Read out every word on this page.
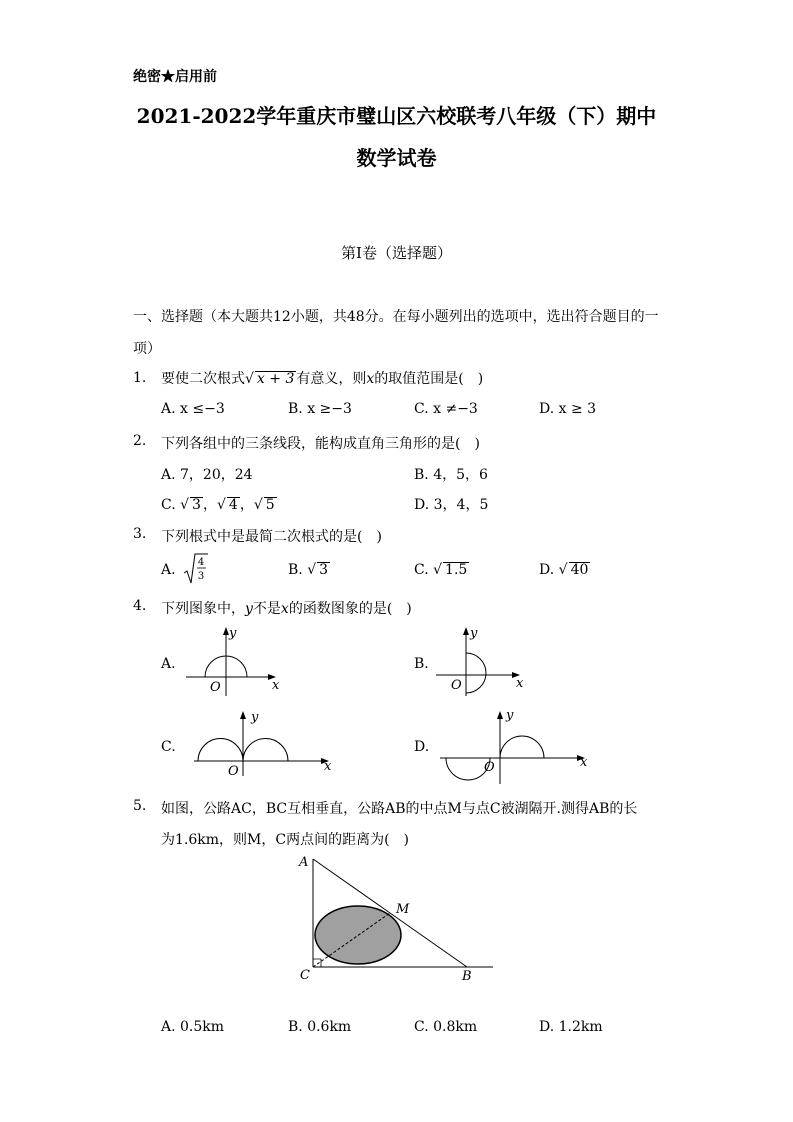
绝密★启用前
2021-2022学年重庆市璧山区六校联考八年级（下）期中
数学试卷
第I卷（选择题）
一、选择题（本大题共12小题，共48分。在每小题列出的选项中，选出符合题目的一
项）
1. 要使二次根式√ x + 3 有意义，则x的取值范围是(　)
A. x ≤−3	B. x ≥−3	C. x ≠−3	D. x ≥ 3
2. 下列各组中的三条线段，能构成直角三角形的是(　)
A. 7，20，24	B. 4，5，6
C. √ 3 ，√ 4 ，√ 5	D. 3，4，5
3. 下列根式中是最简二次根式的是(　)
A. 4
3	B. √ 3	C. √ 1.5	D. √ 40
4. 下列图象中，y不是x的函数图象的是(　)
A.
x
y
O
B.
x
y
O
C.
x
y
O
D.
x
y
O
5. 如图，公路AC，BC互相垂直，公路AB的中点M与点C被湖隔开.测得AB的长
为1.6km，则M，C两点间的距离为(　)
A
M
C	B
A. 0.5km	B. 0.6km	C. 0.8km	D. 1.2km
